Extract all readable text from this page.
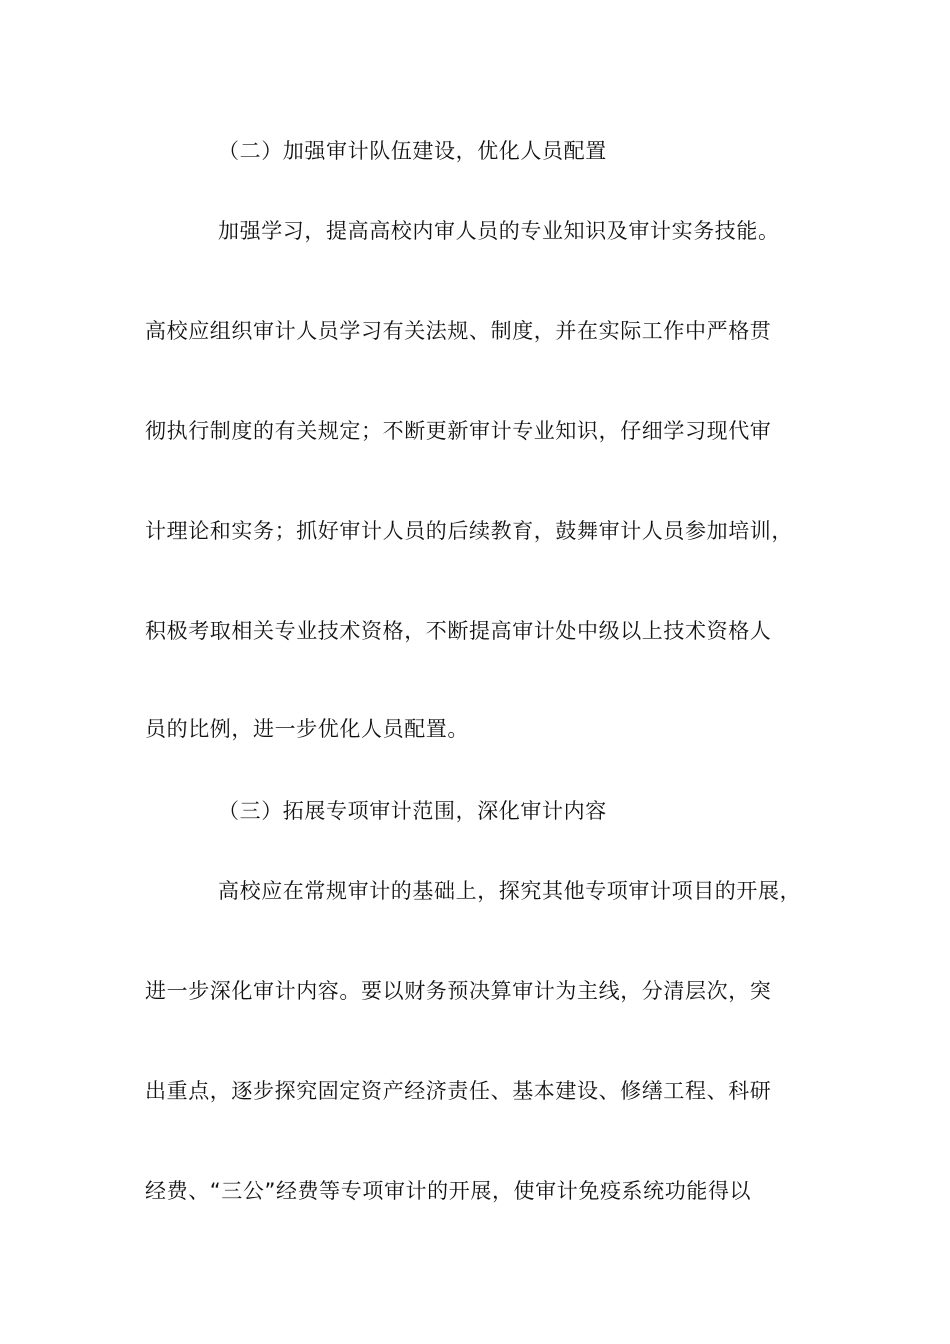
（二）加强审计队伍建设，优化人员配置
加强学习，提高高校内审人员的专业知识及审计实务技能。
高校应组织审计人员学习有关法规、制度，并在实际工作中严格贯
彻执行制度的有关规定；不断更新审计专业知识，仔细学习现代审
计理论和实务；抓好审计人员的后续教育，鼓舞审计人员参加培训，
积极考取相关专业技术资格，不断提高审计处中级以上技术资格人
员的比例，进一步优化人员配置。
（三）拓展专项审计范围，深化审计内容
高校应在常规审计的基础上，探究其他专项审计项目的开展，
进一步深化审计内容。要以财务预决算审计为主线，分清层次，突
出重点，逐步探究固定资产经济责任、基本建设、修缮工程、科研
经费、“三公”经费等专项审计的开展，使审计免疫系统功能得以
